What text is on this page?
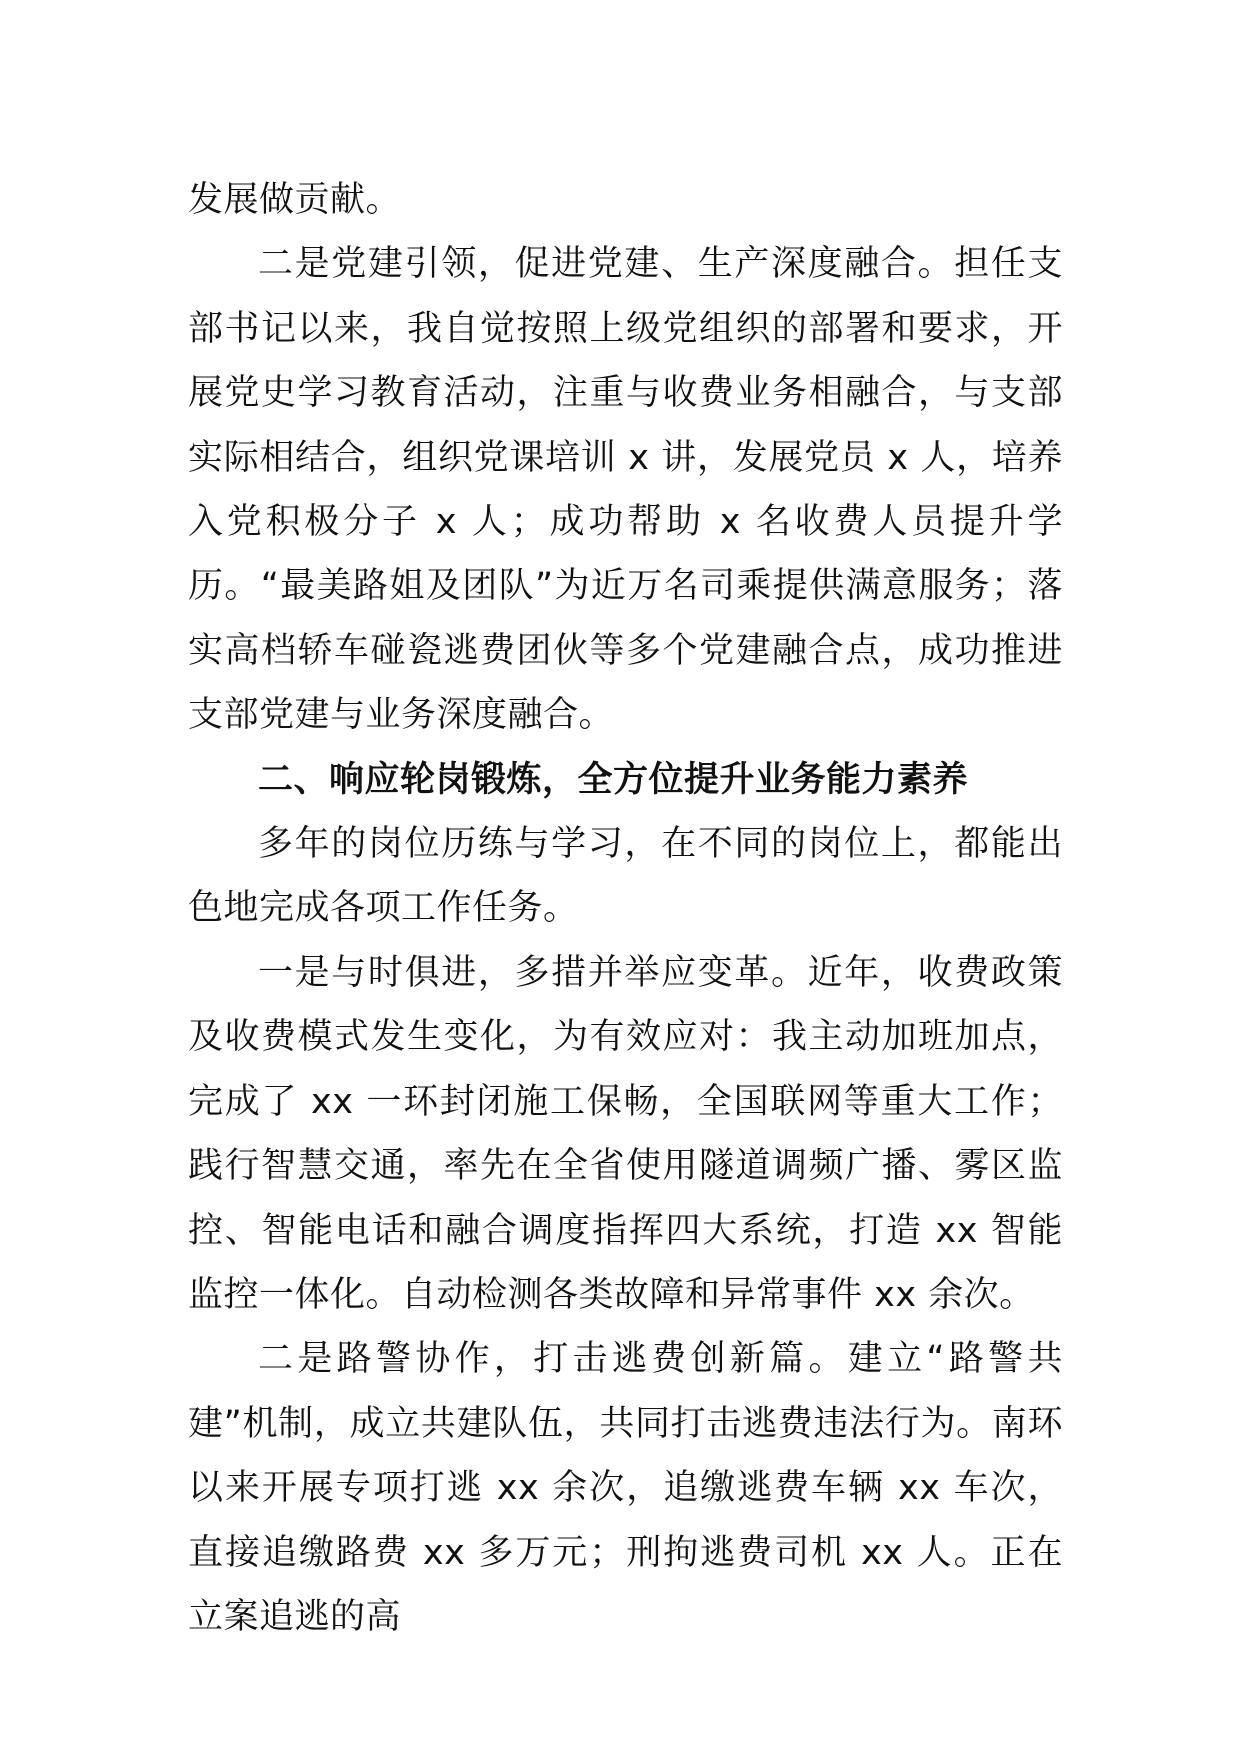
发展做贡献。

二是党建引领，促进党建、生产深度融合。担任支部书记以来，我自觉按照上级党组织的部署和要求，开展党史学习教育活动，注重与收费业务相融合，与支部实际相结合，组织党课培训 x 讲，发展党员 x 人，培养入党积极分子 x 人；成功帮助 x 名收费人员提升学历。“最美路姐及团队”为近万名司乘提供满意服务；落实高档轿车碰瓷逃费团伙等多个党建融合点，成功推进支部党建与业务深度融合。

二、响应轮岗锻炼，全方位提升业务能力素养

多年的岗位历练与学习，在不同的岗位上，都能出色地完成各项工作任务。

一是与时俱进，多措并举应变革。近年，收费政策及收费模式发生变化，为有效应对：我主动加班加点，完成了 xx 一环封闭施工保畅，全国联网等重大工作；践行智慧交通，率先在全省使用隧道调频广播、雾区监控、智能电话和融合调度指挥四大系统，打造 xx 智能监控一体化。自动检测各类故障和异常事件 xx 余次。

二是路警协作，打击逃费创新篇。建立“路警共建”机制，成立共建队伍，共同打击逃费违法行为。南环以来开展专项打逃 xx 余次，追缴逃费车辆 xx 车次，直接追缴路费 xx 多万元；刑拘逃费司机 xx 人。正在立案追逃的高
